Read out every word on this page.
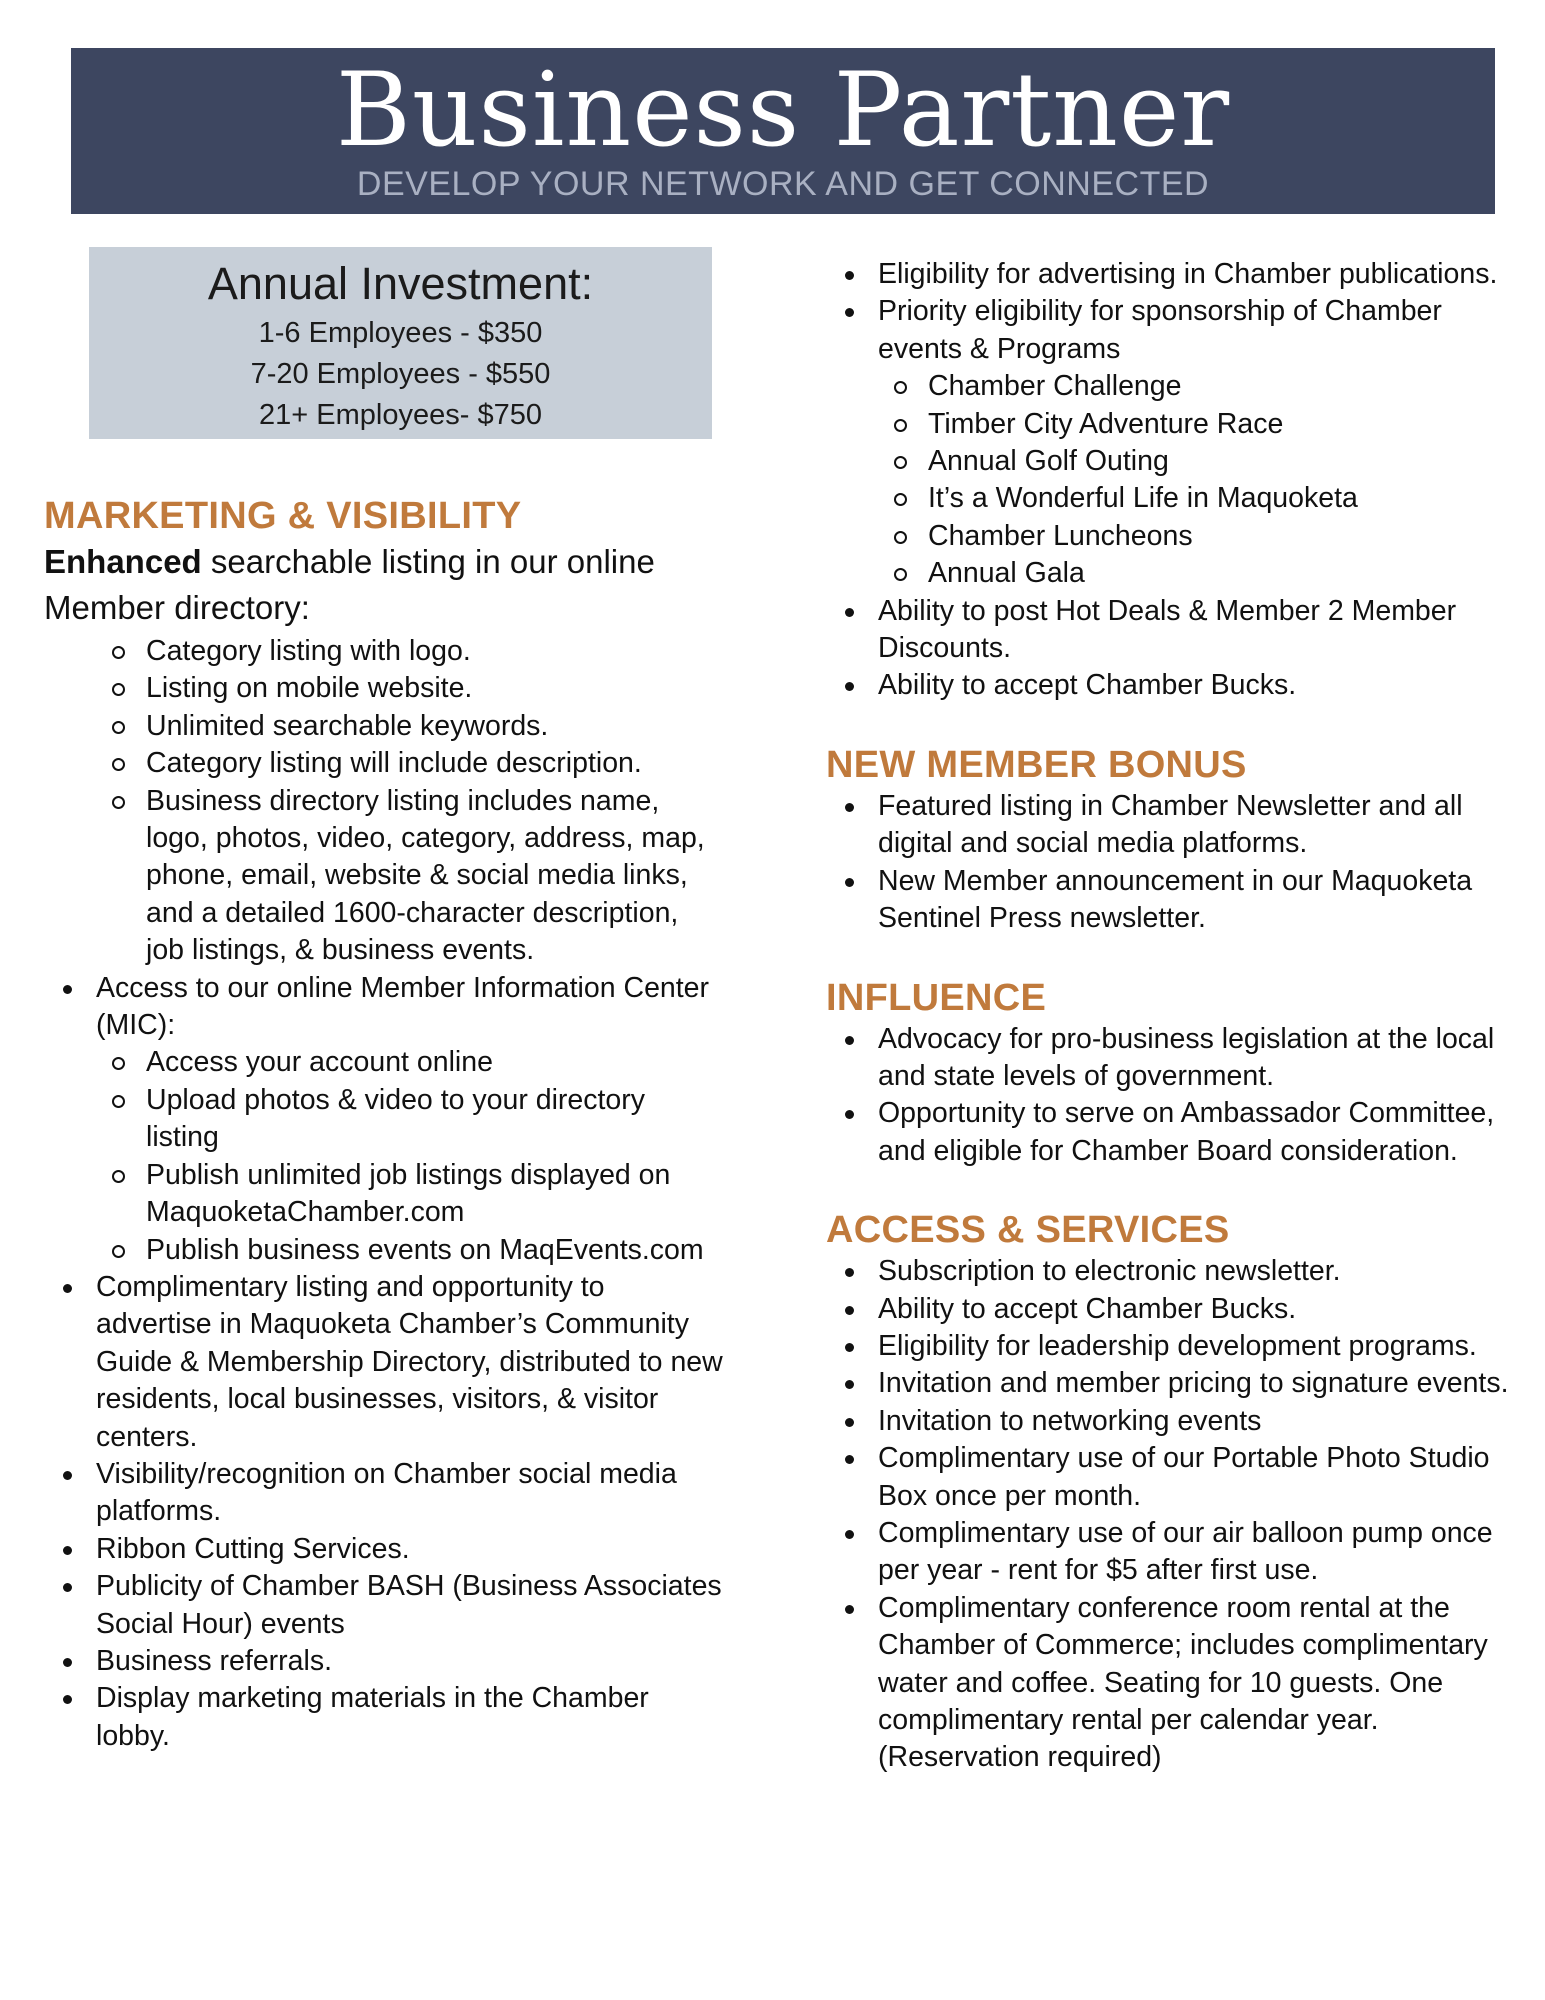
Business Partner
DEVELOP YOUR NETWORK AND GET CONNECTED
Annual Investment:
1-6 Employees - $350
7-20 Employees - $550
21+ Employees- $750
MARKETING & VISIBILITY
Enhanced searchable listing in our online Member directory:
Category listing with logo.
Listing on mobile website.
Unlimited searchable keywords.
Category listing will include description.
Business directory listing includes name, logo, photos, video, category, address, map, phone, email, website & social media links, and a detailed 1600-character description, job listings, & business events.
Access to our online Member Information Center (MIC):
Access your account online
Upload photos & video to your directory listing
Publish unlimited job listings displayed on MaquoketaChamber.com
Publish business events on MaqEvents.com
Complimentary listing and opportunity to advertise in Maquoketa Chamber’s Community Guide & Membership Directory, distributed to new residents, local businesses, visitors, & visitor centers.
Visibility/recognition on Chamber social media platforms.
Ribbon Cutting Services.
Publicity of Chamber BASH (Business Associates Social Hour) events
Business referrals.
Display marketing materials in the Chamber lobby.
Eligibility for advertising in Chamber publications.
Priority eligibility for sponsorship of Chamber events & Programs
Chamber Challenge
Timber City Adventure Race
Annual Golf Outing
It’s a Wonderful Life in Maquoketa
Chamber Luncheons
Annual Gala
Ability to post Hot Deals & Member 2 Member Discounts.
Ability to accept Chamber Bucks.
NEW MEMBER BONUS
Featured listing in Chamber Newsletter and all digital and social media platforms.
New Member announcement in our Maquoketa Sentinel Press newsletter.
INFLUENCE
Advocacy for pro-business legislation at the local and state levels of government.
Opportunity to serve on Ambassador Committee, and eligible for Chamber Board consideration.
ACCESS & SERVICES
Subscription to electronic newsletter.
Ability to accept Chamber Bucks.
Eligibility for leadership development programs.
Invitation and member pricing to signature events.
Invitation to networking events
Complimentary use of our Portable Photo Studio Box once per month.
Complimentary use of our air balloon pump once per year - rent for $5 after first use.
Complimentary conference room rental at the Chamber of Commerce; includes complimentary water and coffee. Seating for 10 guests. One complimentary rental per calendar year. (Reservation required)
